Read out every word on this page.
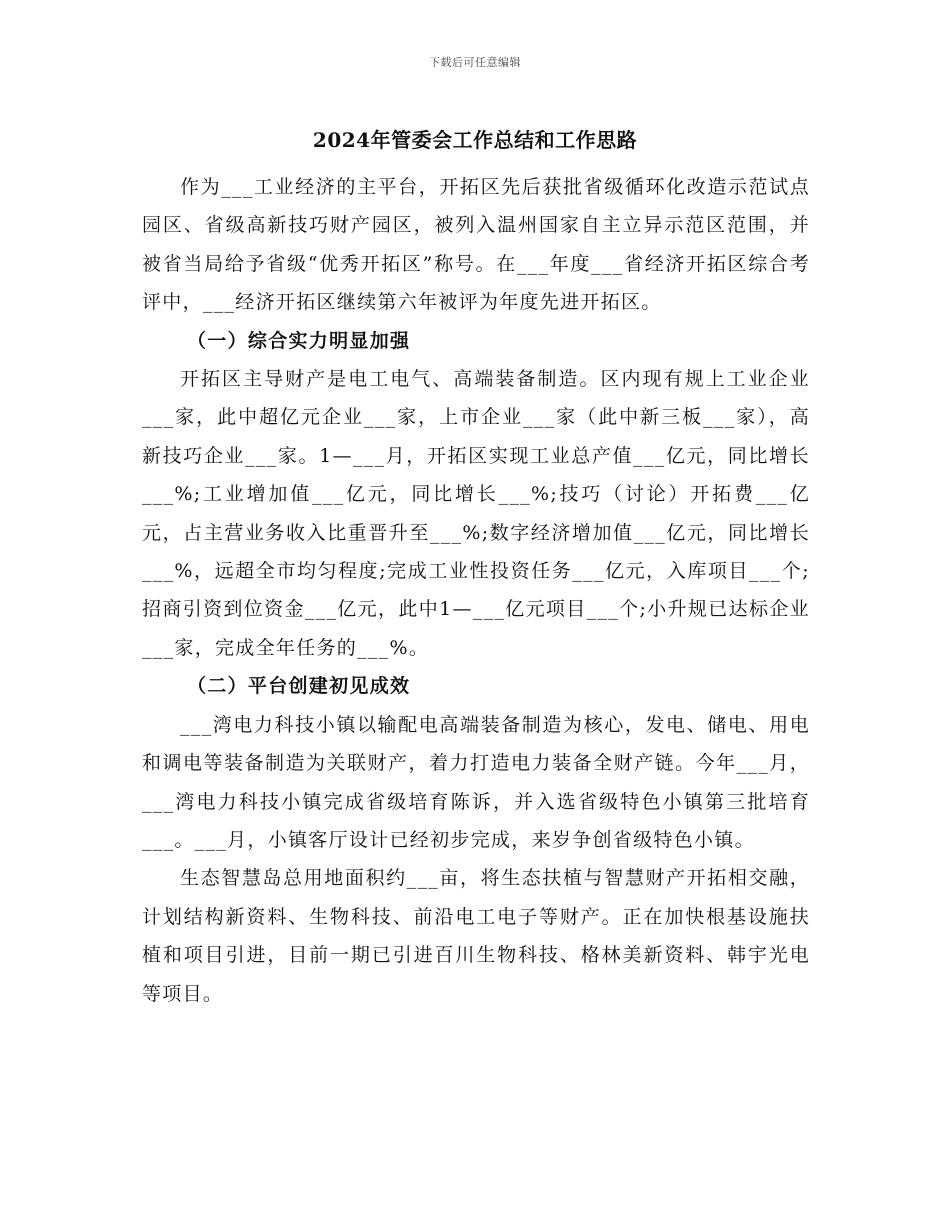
下载后可任意编辑
2024年管委会工作总结和工作思路

作为___工业经济的主平台，开拓区先后获批省级循环化改造示范试点园区、省级高新技巧财产园区，被列入温州国家自主立异示范区范围，并被省当局给予省级“优秀开拓区”称号。在___年度___省经济开拓区综合考评中，___经济开拓区继续第六年被评为年度先进开拓区。

（一）综合实力明显加强

开拓区主导财产是电工电气、高端装备制造。区内现有规上工业企业___家，此中超亿元企业___家，上市企业___家（此中新三板___家），高新技巧企业___家。1—___月，开拓区实现工业总产值___亿元，同比增长___%;工业增加值___亿元，同比增长___%;技巧（讨论）开拓费___亿元，占主营业务收入比重晋升至___%;数字经济增加值___亿元，同比增长___%，远超全市均匀程度;完成工业性投资任务___亿元，入库项目___个;招商引资到位资金___亿元，此中1—___亿元项目___个;小升规已达标企业___家，完成全年任务的___%。

（二）平台创建初见成效

___湾电力科技小镇以输配电高端装备制造为核心，发电、储电、用电和调电等装备制造为关联财产，着力打造电力装备全财产链。今年___月，___湾电力科技小镇完成省级培育陈诉，并入选省级特色小镇第三批培育___。___月，小镇客厅设计已经初步完成，来岁争创省级特色小镇。

生态智慧岛总用地面积约___亩，将生态扶植与智慧财产开拓相交融，计划结构新资料、生物科技、前沿电工电子等财产。正在加快根基设施扶植和项目引进，目前一期已引进百川生物科技、格林美新资料、韩宇光电等项目。
